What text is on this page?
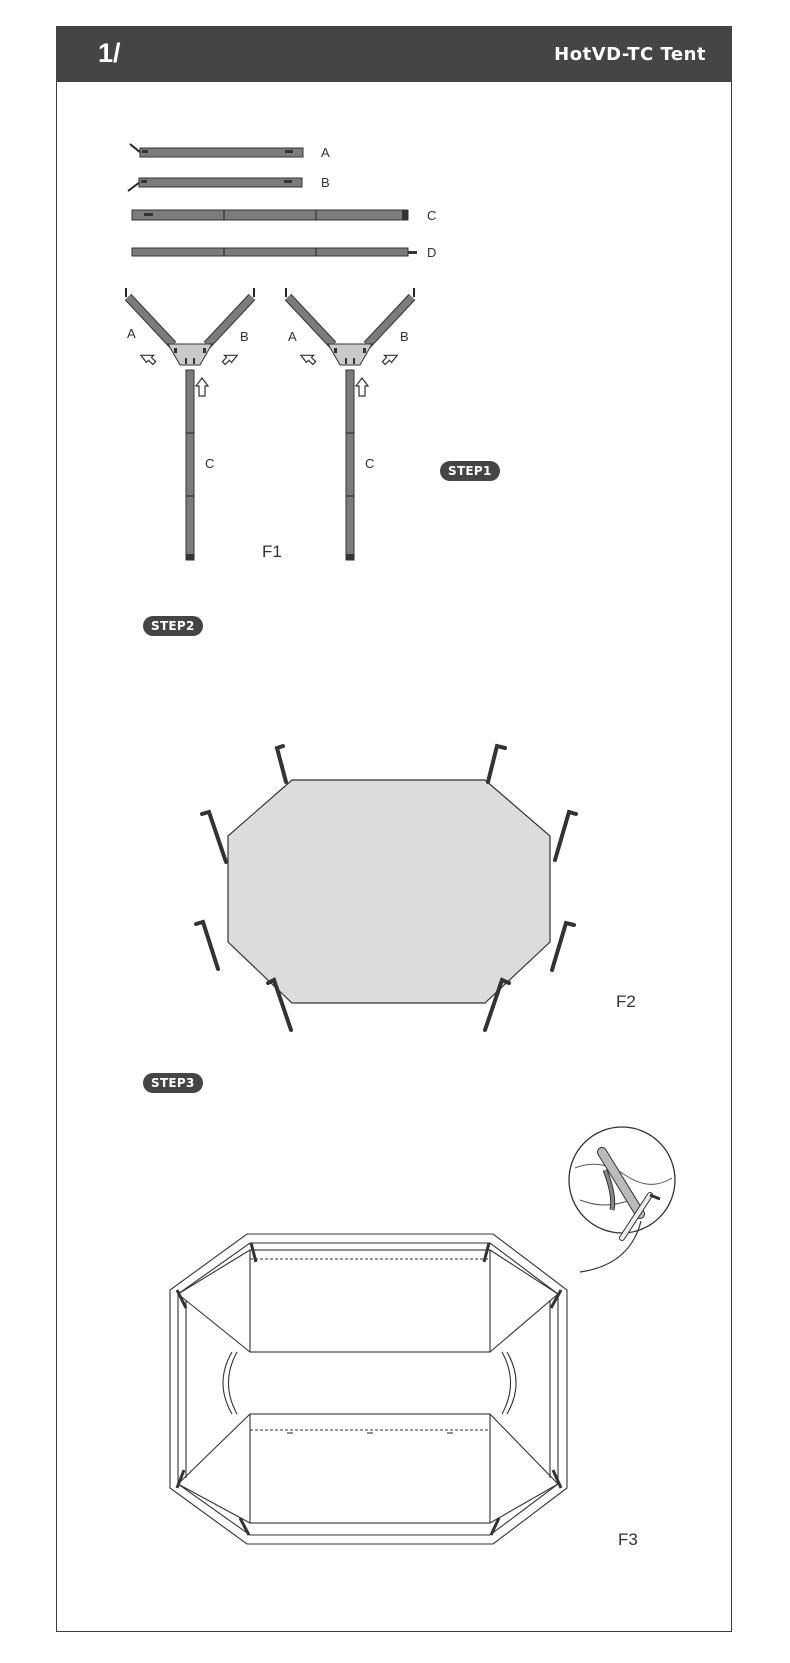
1/	HotVD-TC Tent
A
B
C
D
A	B
C
A	B
C	STEP1
STEP2
STEP3
F1
F2
F3
